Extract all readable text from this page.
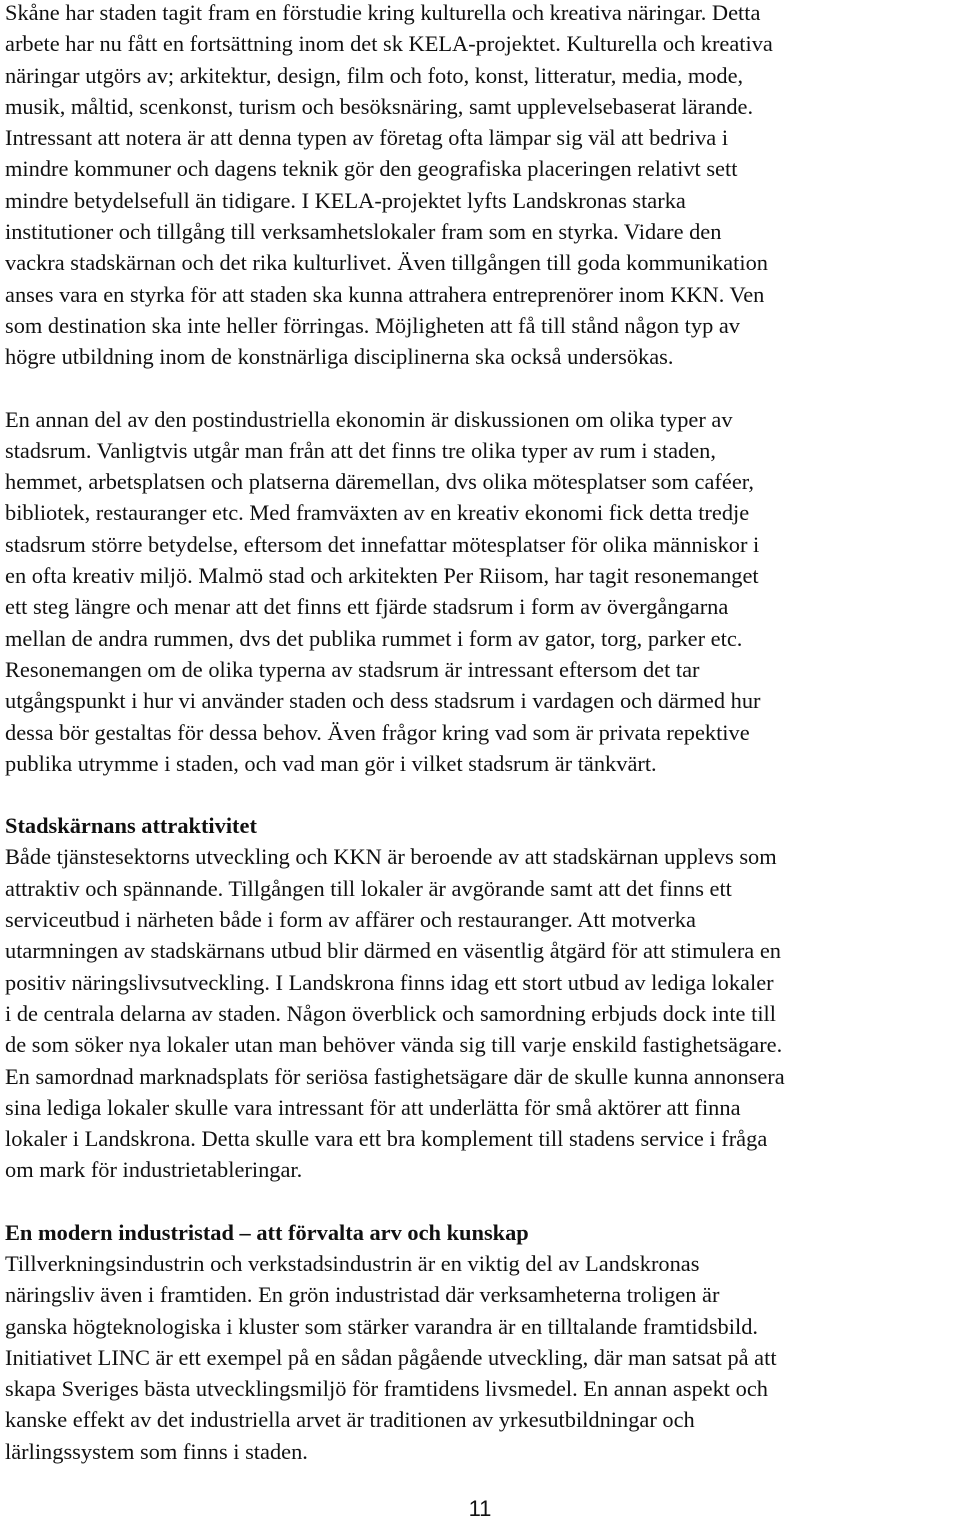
Skåne har staden tagit fram en förstudie kring kulturella och kreativa näringar. Detta
arbete har nu fått en fortsättning inom det sk KELA-projektet. Kulturella och kreativa
näringar utgörs av; arkitektur, design, film och foto, konst, litteratur, media, mode,
musik, måltid, scenkonst, turism och besöksnäring, samt upplevelsebaserat lärande.
Intressant att notera är att denna typen av företag ofta lämpar sig väl att bedriva i
mindre kommuner och dagens teknik gör den geografiska placeringen relativt sett
mindre betydelsefull än tidigare. I KELA-projektet lyfts Landskronas starka
institutioner och tillgång till verksamhetslokaler fram som en styrka. Vidare den
vackra stadskärnan och det rika kulturlivet. Även tillgången till goda kommunikation
anses vara en styrka för att staden ska kunna attrahera entreprenörer inom KKN. Ven
som destination ska inte heller förringas. Möjligheten att få till stånd någon typ av
högre utbildning inom de konstnärliga disciplinerna ska också undersökas.

En annan del av den postindustriella ekonomin är diskussionen om olika typer av
stadsrum. Vanligtvis utgår man från att det finns tre olika typer av rum i staden,
hemmet, arbetsplatsen och platserna däremellan, dvs olika mötesplatser som caféer,
bibliotek, restauranger etc. Med framväxten av en kreativ ekonomi fick detta tredje
stadsrum större betydelse, eftersom det innefattar mötesplatser för olika människor i
en ofta kreativ miljö. Malmö stad och arkitekten Per Riisom, har tagit resonemanget
ett steg längre och menar att det finns ett fjärde stadsrum i form av övergångarna
mellan de andra rummen, dvs det publika rummet i form av gator, torg, parker etc.
Resonemangen om de olika typerna av stadsrum är intressant eftersom det tar
utgångspunkt i hur vi använder staden och dess stadsrum i vardagen och därmed hur
dessa bör gestaltas för dessa behov. Även frågor kring vad som är privata repektive
publika utrymme i staden, och vad man gör i vilket stadsrum är tänkvärt.

Stadskärnans attraktivitet

Både tjänstesektorns utveckling och KKN är beroende av att stadskärnan upplevs som
attraktiv och spännande. Tillgången till lokaler är avgörande samt att det finns ett
serviceutbud i närheten både i form av affärer och restauranger. Att motverka
utarmningen av stadskärnans utbud blir därmed en väsentlig åtgärd för att stimulera en
positiv näringslivsutveckling. I Landskrona finns idag ett stort utbud av lediga lokaler
i de centrala delarna av staden. Någon överblick och samordning erbjuds dock inte till
de som söker nya lokaler utan man behöver vända sig till varje enskild fastighetsägare.
En samordnad marknadsplats för seriösa fastighetsägare där de skulle kunna annonsera
sina lediga lokaler skulle vara intressant för att underlätta för små aktörer att finna
lokaler i Landskrona. Detta skulle vara ett bra komplement till stadens service i fråga
om mark för industrietableringar.

En modern industristad – att förvalta arv och kunskap

Tillverkningsindustrin och verkstadsindustrin är en viktig del av Landskronas
näringsliv även i framtiden. En grön industristad där verksamheterna troligen är
ganska högteknologiska i kluster som stärker varandra är en tilltalande framtidsbild.
Initiativet LINC är ett exempel på en sådan pågående utveckling, där man satsat på att
skapa Sveriges bästa utvecklingsmiljö för framtidens livsmedel. En annan aspekt och
kanske effekt av det industriella arvet är traditionen av yrkesutbildningar och
lärlingssystem som finns i staden.

11
